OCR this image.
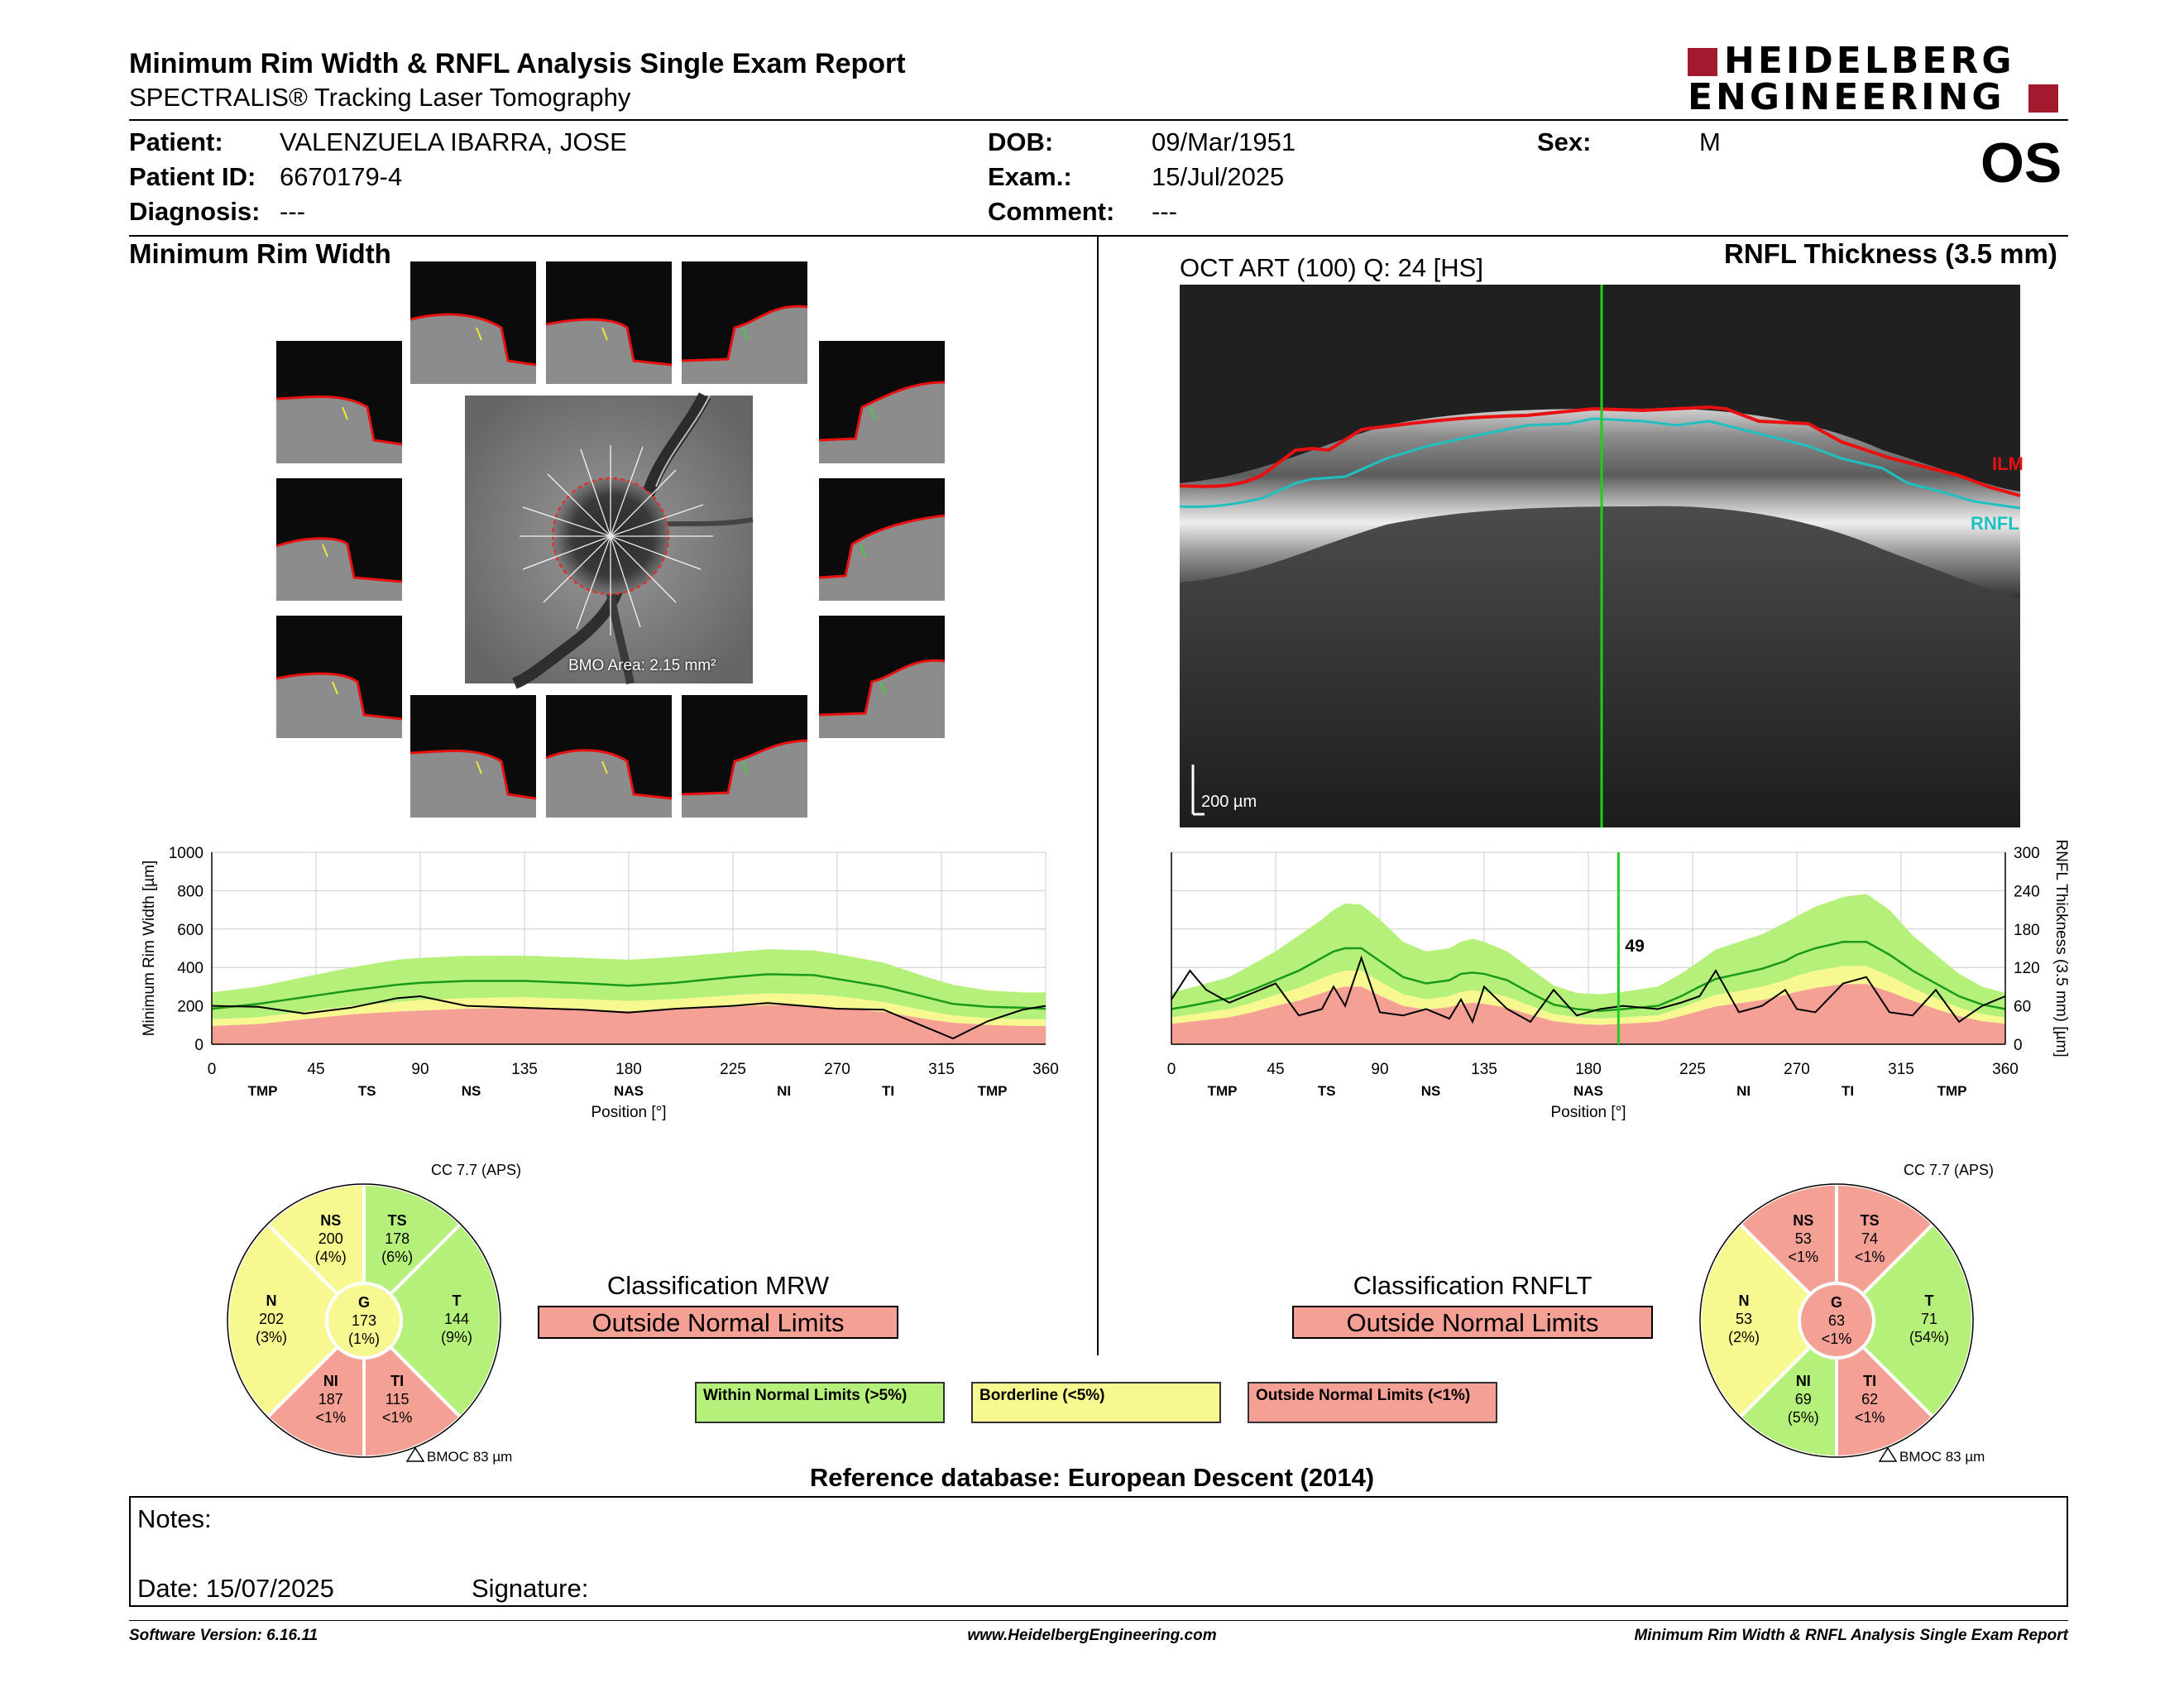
Minimum Rim Width & RNFL Analysis Single Exam Report
SPECTRALIS® Tracking Laser Tomography
HEIDELBERG
ENGINEERING
Patient: VALENZUELA IBARRA, JOSE
Patient ID: 6670179-4
Diagnosis: ---
DOB:	09/Mar/1951
Exam.:	15/Jul/2025
Comment: ---
Sex:	M	OS
Minimum Rim Width
BMO Area: 2.15 mm²
RNFL Thickness (3.5 mm)
OCT ART (100) Q: 24 [HS]
ILM
RNFL
200 µm
0
200
400
600
800
1000
0	45	90	135	180	225	270	315	360
TMP	TS	NS	NAS	NI	TI	TMP
Position [°]
Minimum Rim Width [µm]
0
60
120
180
240
300
0	45	90	135	180	225	270	315	360
TMP	TS	NS	NAS	NI	TI	TMP
Position [°]
RNFL Thickness (3.5 mm) [µm]
49
NS
200
(4%)
TS
178
(6%)
T
144
(9%)
TI
115
<1%
NI
187
<1%
N
202
(3%)
G
173
(1%)
CC 7.7 (APS)
BMOC 83 µm
NS
53
<1%
TS
74
<1%
T
71
(54%)
TI
62
<1%
NI
69
(5%)
N
53
(2%)
G
63
<1%
CC 7.7 (APS)
BMOC 83 µm
Classification MRW
Outside Normal Limits
Classification RNFLT
Outside Normal Limits
Within Normal Limits (>5%)	Borderline (<5%)	Outside Normal Limits (<1%)
Reference database: European Descent (2014)
Notes:
Date: 15/07/2025	Signature:
Software Version: 6.16.11	www.HeidelbergEngineering.com	Minimum Rim Width & RNFL Analysis Single Exam Report
